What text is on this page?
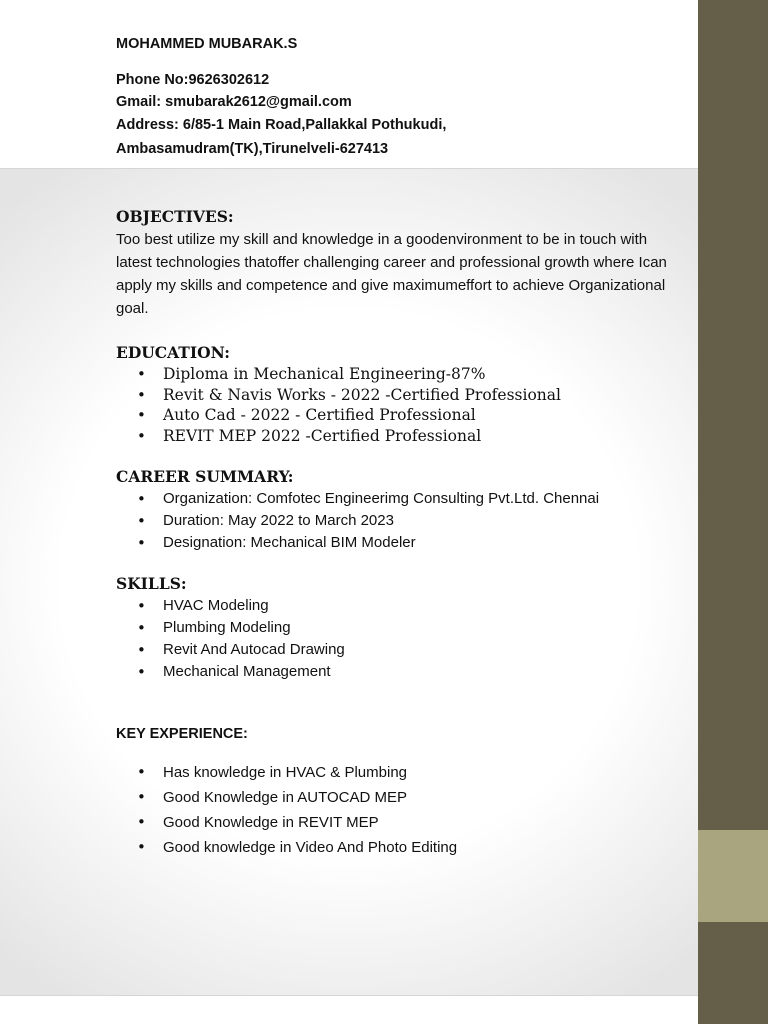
MOHAMMED MUBARAK.S

Phone No:9626302612

Gmail: smubarak2612@gmail.com

Address: 6/85-1 Main Road,Pallakkal Pothukudi,

Ambasamudram(TK),Tirunelveli-627413

OBJECTIVES:

Too best utilize my skill and knowledge in a goodenvironment to be in touch with latest technologies thatoffer challenging career and professional growth where Ican apply my skills and competence and give maximumeffort to achieve Organizational goal.

EDUCATION:

• Diploma in Mechanical Engineering-87%
• Revit & Navis Works - 2022 -Certified Professional
• Auto Cad - 2022 - Certified Professional
• REVIT MEP 2022 -Certified Professional

CAREER SUMMARY:

• Organization: Comfotec Engineerimg Consulting Pvt.Ltd. Chennai
• Duration: May 2022 to March 2023
• Designation: Mechanical BIM Modeler

SKILLS:

• HVAC Modeling
• Plumbing Modeling
• Revit And Autocad Drawing
• Mechanical Management

KEY EXPERIENCE:

• Has knowledge in HVAC & Plumbing
• Good Knowledge in AUTOCAD MEP
• Good Knowledge in REVIT MEP
• Good knowledge in Video And Photo Editing
